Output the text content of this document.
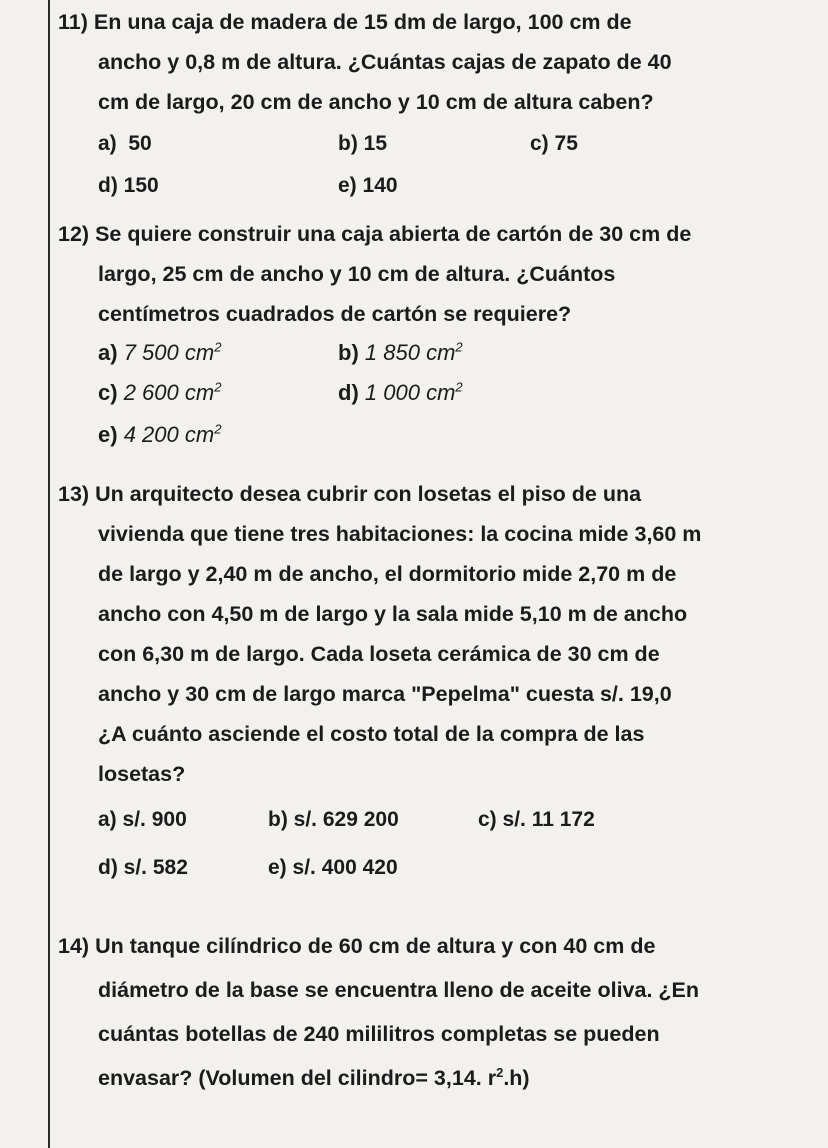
11) En una caja de madera de 15 dm de largo, 100 cm de

ancho y 0,8 m de altura. ¿Cuántas cajas de zapato de 40

cm de largo, 20 cm de ancho y 10 cm de altura caben?

a) 50	b) 15	c) 75
d) 150	e) 140

12) Se quiere construir una caja abierta de cartón de 30 cm de

largo, 25 cm de ancho y 10 cm de altura. ¿Cuántos

centímetros cuadrados de cartón se requiere?

a) 7 500 $cm^2$	b) 1 850 $cm^2$
c) 2 600 $cm^2$	d) 1 000 $cm^2$
e) 4 200 $cm^2$

13) Un arquitecto desea cubrir con losetas el piso de una

vivienda que tiene tres habitaciones: la cocina mide 3,60 m

de largo y 2,40 m de ancho, el dormitorio mide 2,70 m de

ancho con 4,50 m de largo y la sala mide 5,10 m de ancho

con 6,30 m de largo. Cada loseta cerámica de 30 cm de

ancho y 30 cm de largo marca "Pepelma" cuesta s/. 19,0

¿A cuánto asciende el costo total de la compra de las

losetas?

a) s/. 900	b) s/. 629 200	c) s/. 11 172
d) s/. 582	e) s/. 400 420

14) Un tanque cilíndrico de 60 cm de altura y con 40 cm de

diámetro de la base se encuentra lleno de aceite oliva. ¿En

cuántas botellas de 240 mililitros completas se pueden

envasar? (Volumen del cilindro= 3,14. $r^2.h$)
